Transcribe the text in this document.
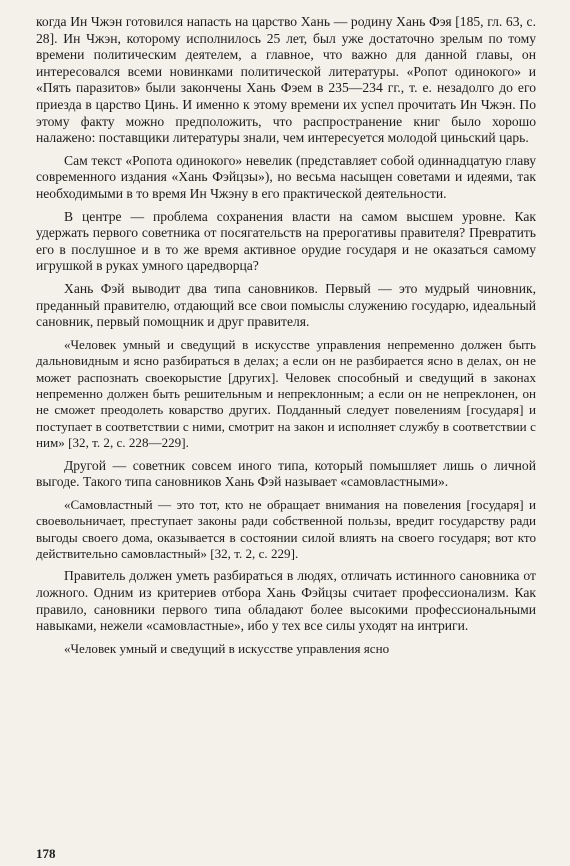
когда Ин Чжэн готовился напасть на царство Хань — родину Хань Фэя [185, гл. 63, с. 28]. Ин Чжэн, которому исполнилось 25 лет, был уже достаточно зрелым по тому времени политическим деятелем, а главное, что важно для данной главы, он интересовался всеми новинками политической литературы. «Ропот одинокого» и «Пять паразитов» были закончены Хань Фэем в 235—234 гг., т. е. незадолго до его приезда в царство Цинь. И именно к этому времени их успел прочитать Ин Чжэн. По этому факту можно предположить, что распространение книг было хорошо налажено: поставщики литературы знали, чем интересуется молодой циньский царь.

Сам текст «Ропота одинокого» невелик (представляет собой одиннадцатую главу современного издания «Хань Фэйцзы»), но весьма насыщен советами и идеями, так необходимыми в то время Ин Чжэну в его практической деятельности.

В центре — проблема сохранения власти на самом высшем уровне. Как удержать первого советника от посягательств на прерогативы правителя? Превратить его в послушное и в то же время активное орудие государя и не оказаться самому игрушкой в руках умного царедворца?

Хань Фэй выводит два типа сановников. Первый — это мудрый чиновник, преданный правителю, отдающий все свои помыслы служению государю, идеальный сановник, первый помощник и друг правителя.

«Человек умный и сведущий в искусстве управления непременно должен быть дальновидным и ясно разбираться в делах; а если он не разбирается ясно в делах, он не может распознать своекорыстие [других]. Человек способный и сведущий в законах непременно должен быть решительным и непреклонным; а если он не непреклонен, он не сможет преодолеть коварство других. Подданный следует повелениям [государя] и поступает в соответствии с ними, смотрит на закон и исполняет службу в соответствии с ним» [32, т. 2, с. 228—229].

Другой — советник совсем иного типа, который помышляет лишь о личной выгоде. Такого типа сановников Хань Фэй называет «самовластными».

«Самовластный — это тот, кто не обращает внимания на повеления [государя] и своевольничает, преступает законы ради собственной пользы, вредит государству ради выгоды своего дома, оказывается в состоянии силой влиять на своего государя; вот кто действительно самовластный» [32, т. 2, с. 229].

Правитель должен уметь разбираться в людях, отличать истинного сановника от ложного. Одним из критериев отбора Хань Фэйцзы считает профессионализм. Как правило, сановники первого типа обладают более высокими профессиональными навыками, нежели «самовластные», ибо у тех все силы уходят на интриги.

«Человек умный и сведущий в искусстве управления ясно

178
